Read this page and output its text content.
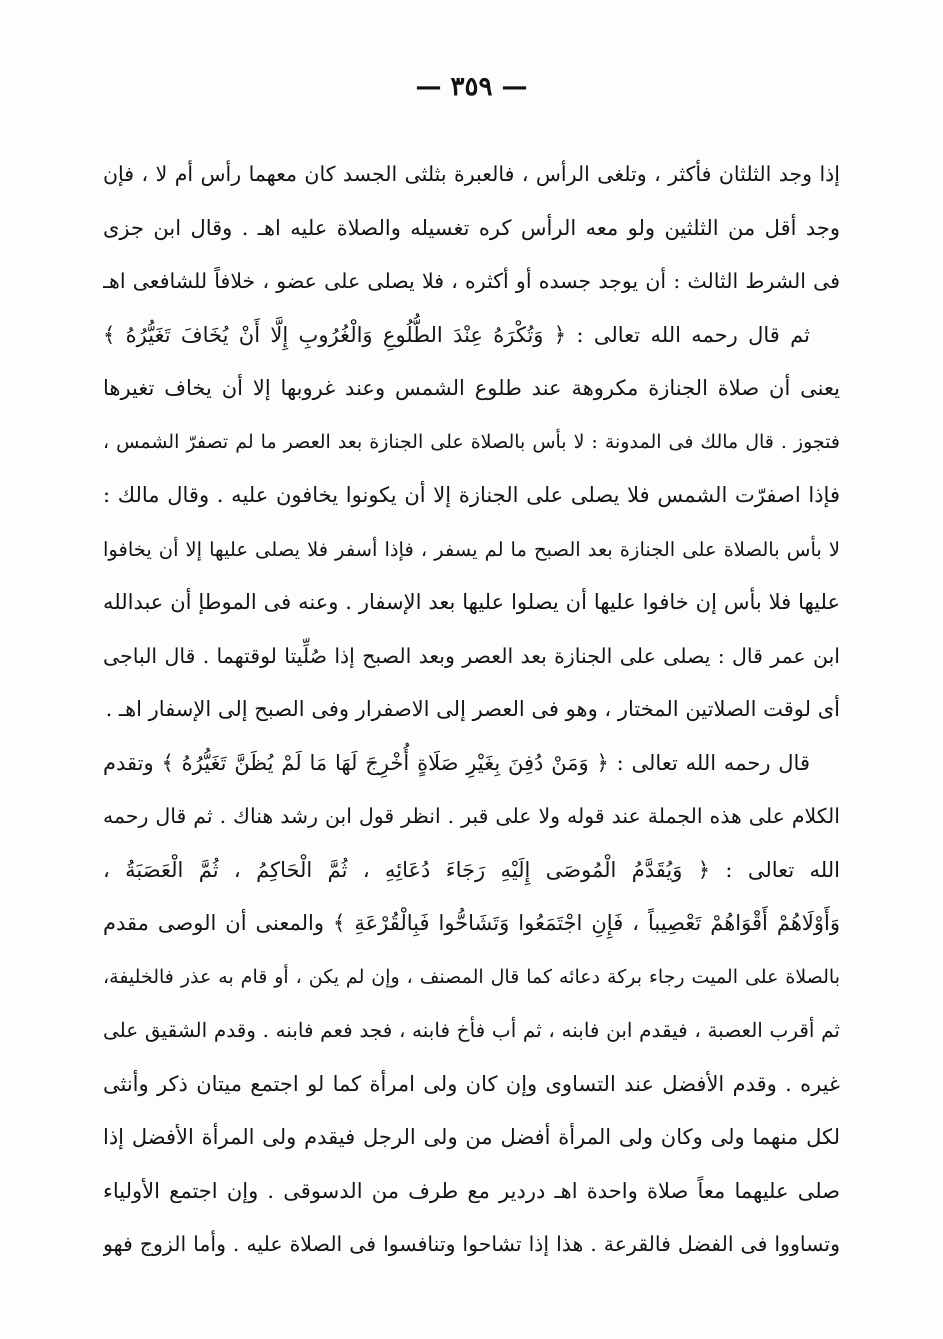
— ٣٥٩ —
إذا وجد الثلثان فأكثر ، وتلغى الرأس ، فالعبرة بثلثى الجسد كان معهما رأس أم لا ، فإن
وجد أقل من الثلثين ولو معه الرأس كره تغسيله والصلاة عليه اهـ . وقال ابن جزى
فى الشرط الثالث : أن يوجد جسده أو أكثره ، فلا يصلى على عضو ، خلافاً للشافعى اهـ
ثم قال رحمه الله تعالى : ﴿ وَتُكْرَهُ عِنْدَ الطُّلُوعِ وَالْغُرُوبِ إِلَّا أَنْ يُخَافَ تَغَيُّرُهُ ﴾
يعنى أن صلاة الجنازة مكروهة عند طلوع الشمس وعند غروبها إلا أن يخاف تغيرها
فتجوز . قال مالك فى المدونة : لا بأس بالصلاة على الجنازة بعد العصر ما لم تصفرّ الشمس ،
فإذا اصفرّت الشمس فلا يصلى على الجنازة إلا أن يكونوا يخافون عليه . وقال مالك :
لا بأس بالصلاة على الجنازة بعد الصبح ما لم يسفر ، فإذا أسفر فلا يصلى عليها إلا أن يخافوا
عليها فلا بأس إن خافوا عليها أن يصلوا عليها بعد الإسفار . وعنه فى الموطإ أن عبدالله
ابن عمر قال : يصلى على الجنازة بعد العصر وبعد الصبح إذا صُلِّيتا لوقتهما . قال الباجى
أى لوقت الصلاتين المختار ، وهو فى العصر إلى الاصفرار وفى الصبح إلى الإسفار اهـ .
قال رحمه الله تعالى : ﴿ وَمَنْ دُفِنَ بِغَيْرِ صَلَاةٍ أُخْرِجَ لَهَا مَا لَمْ يُظَنَّ تَغَيُّرُهُ ﴾ وتقدم
الكلام على هذه الجملة عند قوله ولا على قبر . انظر قول ابن رشد هناك . ثم قال رحمه
الله تعالى : ﴿ وَيُقَدَّمُ الْمُوصَى إِلَيْهِ رَجَاءَ دُعَائِهِ ، ثُمَّ الْحَاكِمُ ، ثُمَّ الْعَصَبَةُ ،
وَأَوْلَاهُمْ أَقْوَاهُمْ تَعْصِيباً ، فَإِنِ اجْتَمَعُوا وَتَشَاحُّوا فَبِالْقُرْعَةِ ﴾ والمعنى أن الوصى مقدم
بالصلاة على الميت رجاء بركة دعائه كما قال المصنف ، وإن لم يكن ، أو قام به عذر فالخليفة،
ثم أقرب العصبة ، فيقدم ابن فابنه ، ثم أب فأخ فابنه ، فجد فعم فابنه . وقدم الشقيق على
غيره . وقدم الأفضل عند التساوى وإن كان ولى امرأة كما لو اجتمع ميتان ذكر وأنثى
لكل منهما ولى وكان ولى المرأة أفضل من ولى الرجل فيقدم ولى المرأة الأفضل إذا
صلى عليهما معاً صلاة واحدة اهـ دردير مع طرف من الدسوقى . وإن اجتمع الأولياء
وتساووا فى الفضل فالقرعة . هذا إذا تشاحوا وتنافسوا فى الصلاة عليه . وأما الزوج فهو
